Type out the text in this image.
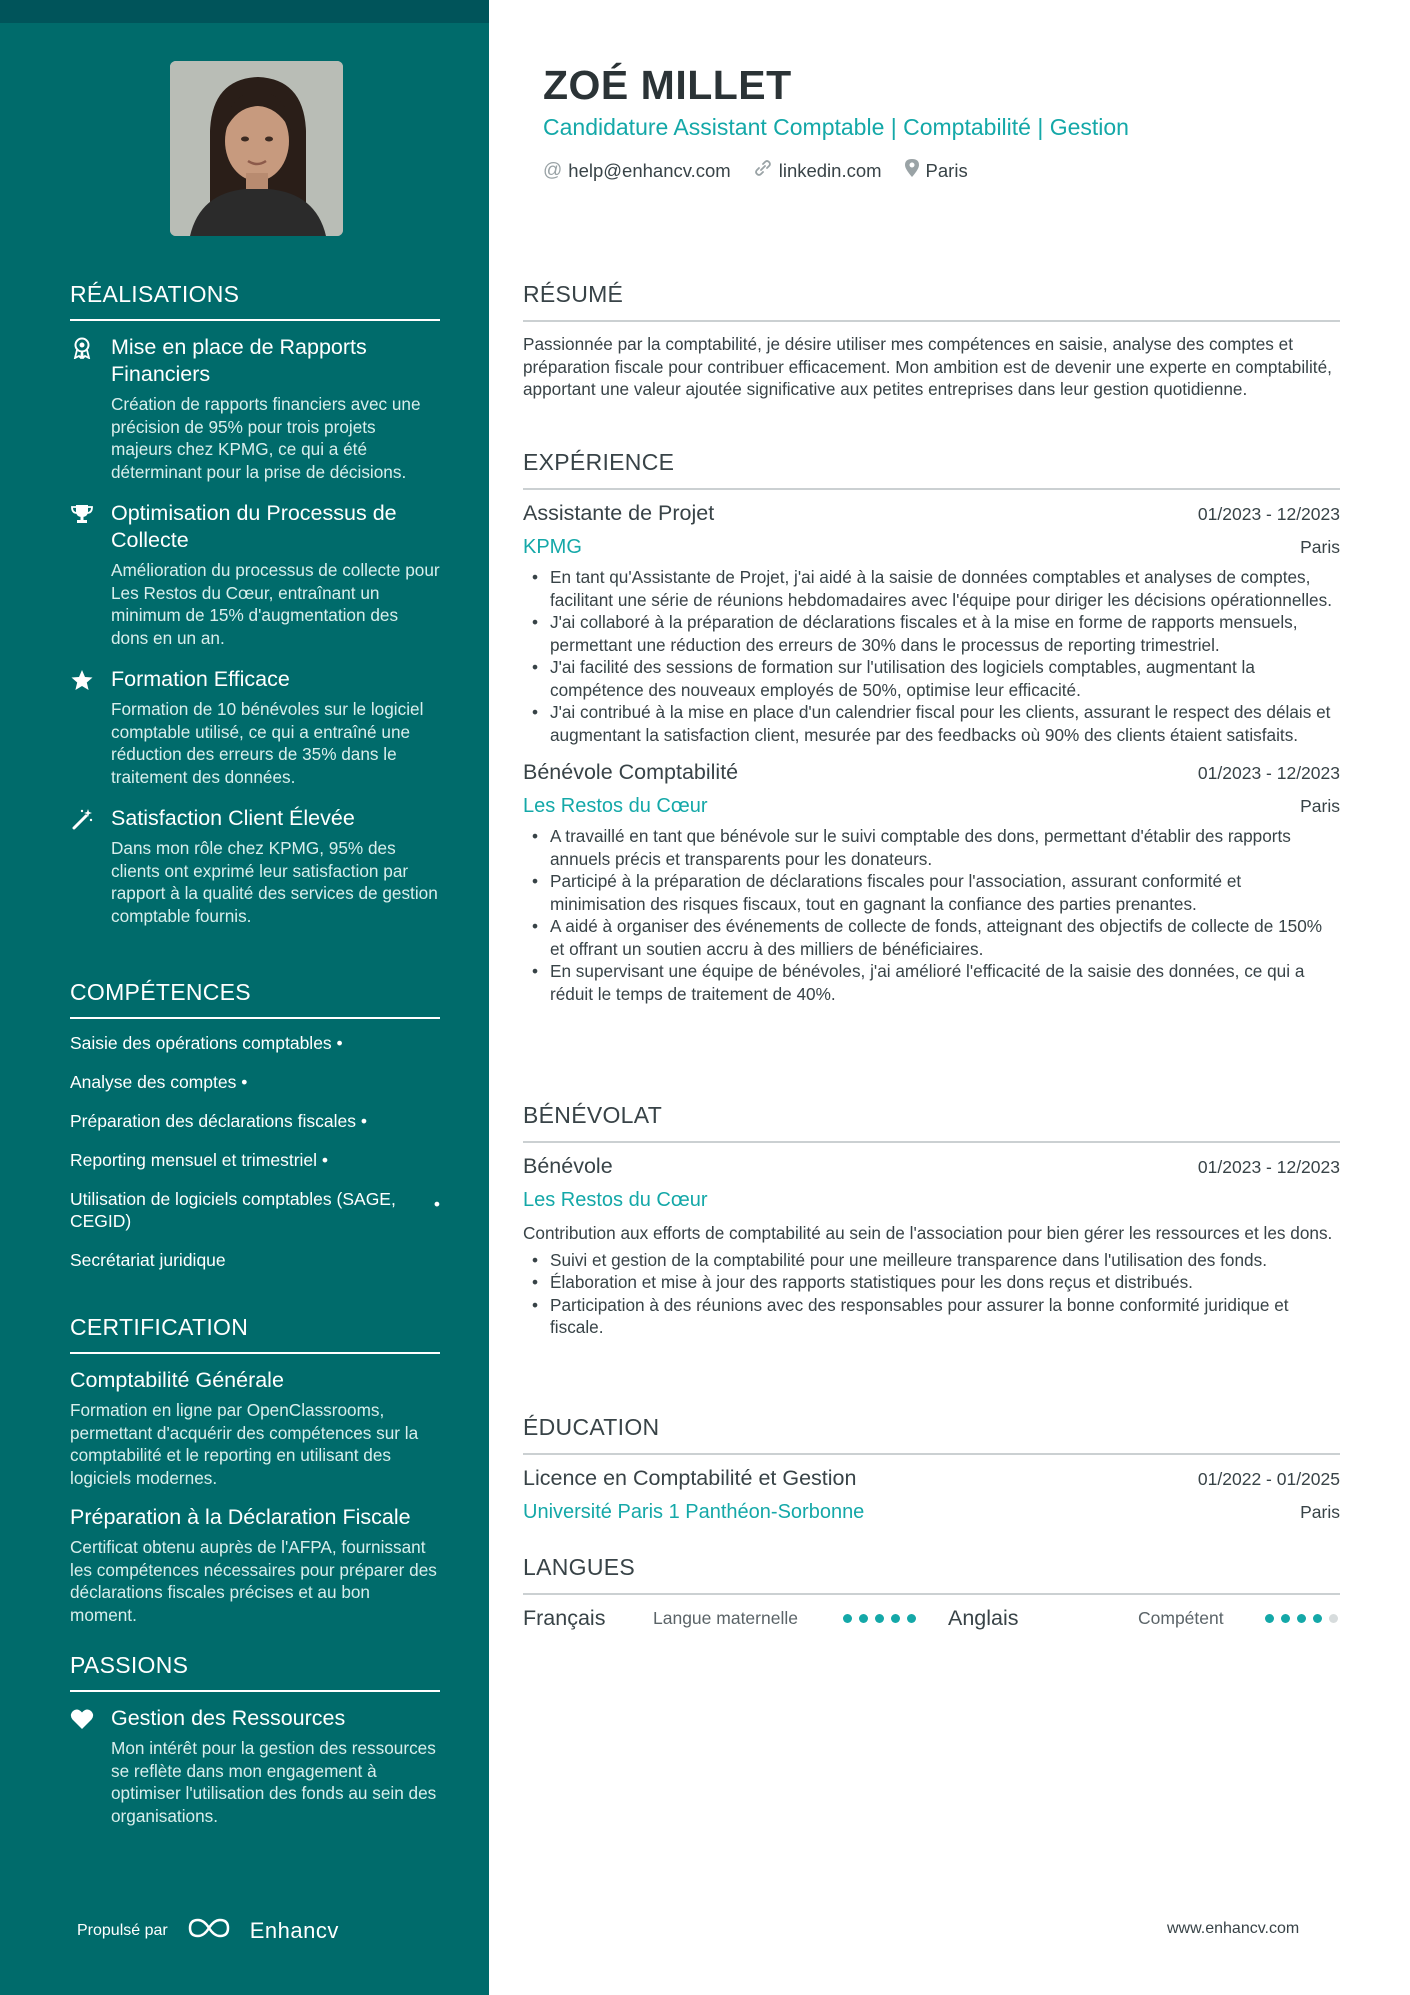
RÉALISATIONS
Mise en place de Rapports Financiers
Création de rapports financiers avec une précision de 95% pour trois projets majeurs chez KPMG, ce qui a été déterminant pour la prise de décisions.
Optimisation du Processus de Collecte
Amélioration du processus de collecte pour Les Restos du Cœur, entraînant un minimum de 15% d'augmentation des dons en un an.
Formation Efficace
Formation de 10 bénévoles sur le logiciel comptable utilisé, ce qui a entraîné une réduction des erreurs de 35% dans le traitement des données.
Satisfaction Client Élevée
Dans mon rôle chez KPMG, 95% des clients ont exprimé leur satisfaction par rapport à la qualité des services de gestion comptable fournis.
COMPÉTENCES
Saisie des opérations comptables •
Analyse des comptes •
Préparation des déclarations fiscales •
Reporting mensuel et trimestriel •
Utilisation de logiciels comptables (SAGE, CEGID)
•
Secrétariat juridique
CERTIFICATION
Comptabilité Générale
Formation en ligne par OpenClassrooms, permettant d'acquérir des compétences sur la comptabilité et le reporting en utilisant des logiciels modernes.
Préparation à la Déclaration Fiscale
Certificat obtenu auprès de l'AFPA, fournissant les compétences nécessaires pour préparer des déclarations fiscales précises et au bon moment.
PASSIONS
Gestion des Ressources
Mon intérêt pour la gestion des ressources se reflète dans mon engagement à optimiser l'utilisation des fonds au sein des organisations.
Propulsé par	Enhancv
ZOÉ MILLET
Candidature Assistant Comptable | Comptabilité | Gestion
@ help@enhancv.com	linkedin.com Paris
RÉSUMÉ
Passionnée par la comptabilité, je désire utiliser mes compétences en saisie, analyse des comptes et préparation fiscale pour contribuer efficacement. Mon ambition est de devenir une experte en comptabilité, apportant une valeur ajoutée significative aux petites entreprises dans leur gestion quotidienne.
EXPÉRIENCE
Assistante de Projet	01/2023 - 12/2023
KPMG	Paris
• En tant qu'Assistante de Projet, j'ai aidé à la saisie de données comptables et analyses de comptes, facilitant une série de réunions hebdomadaires avec l'équipe pour diriger les décisions opérationnelles.
• J'ai collaboré à la préparation de déclarations fiscales et à la mise en forme de rapports mensuels, permettant une réduction des erreurs de 30% dans le processus de reporting trimestriel.
• J'ai facilité des sessions de formation sur l'utilisation des logiciels comptables, augmentant la compétence des nouveaux employés de 50%, optimise leur efficacité.
• J'ai contribué à la mise en place d'un calendrier fiscal pour les clients, assurant le respect des délais et augmentant la satisfaction client, mesurée par des feedbacks où 90% des clients étaient satisfaits.
Bénévole Comptabilité	01/2023 - 12/2023
Les Restos du Cœur	Paris
• A travaillé en tant que bénévole sur le suivi comptable des dons, permettant d'établir des rapports annuels précis et transparents pour les donateurs.
• Participé à la préparation de déclarations fiscales pour l'association, assurant conformité et minimisation des risques fiscaux, tout en gagnant la confiance des parties prenantes.
• A aidé à organiser des événements de collecte de fonds, atteignant des objectifs de collecte de 150% et offrant un soutien accru à des milliers de bénéficiaires.
• En supervisant une équipe de bénévoles, j'ai amélioré l'efficacité de la saisie des données, ce qui a réduit le temps de traitement de 40%.
BÉNÉVOLAT
Bénévole	01/2023 - 12/2023
Les Restos du Cœur
Contribution aux efforts de comptabilité au sein de l'association pour bien gérer les ressources et les dons.
• Suivi et gestion de la comptabilité pour une meilleure transparence dans l'utilisation des fonds.
• Élaboration et mise à jour des rapports statistiques pour les dons reçus et distribués.
• Participation à des réunions avec des responsables pour assurer la bonne conformité juridique et fiscale.
ÉDUCATION
Licence en Comptabilité et Gestion	01/2022 - 01/2025
Université Paris 1 Panthéon-Sorbonne	Paris
LANGUES
Français	Langue maternelle	Anglais	Compétent
www.enhancv.com
